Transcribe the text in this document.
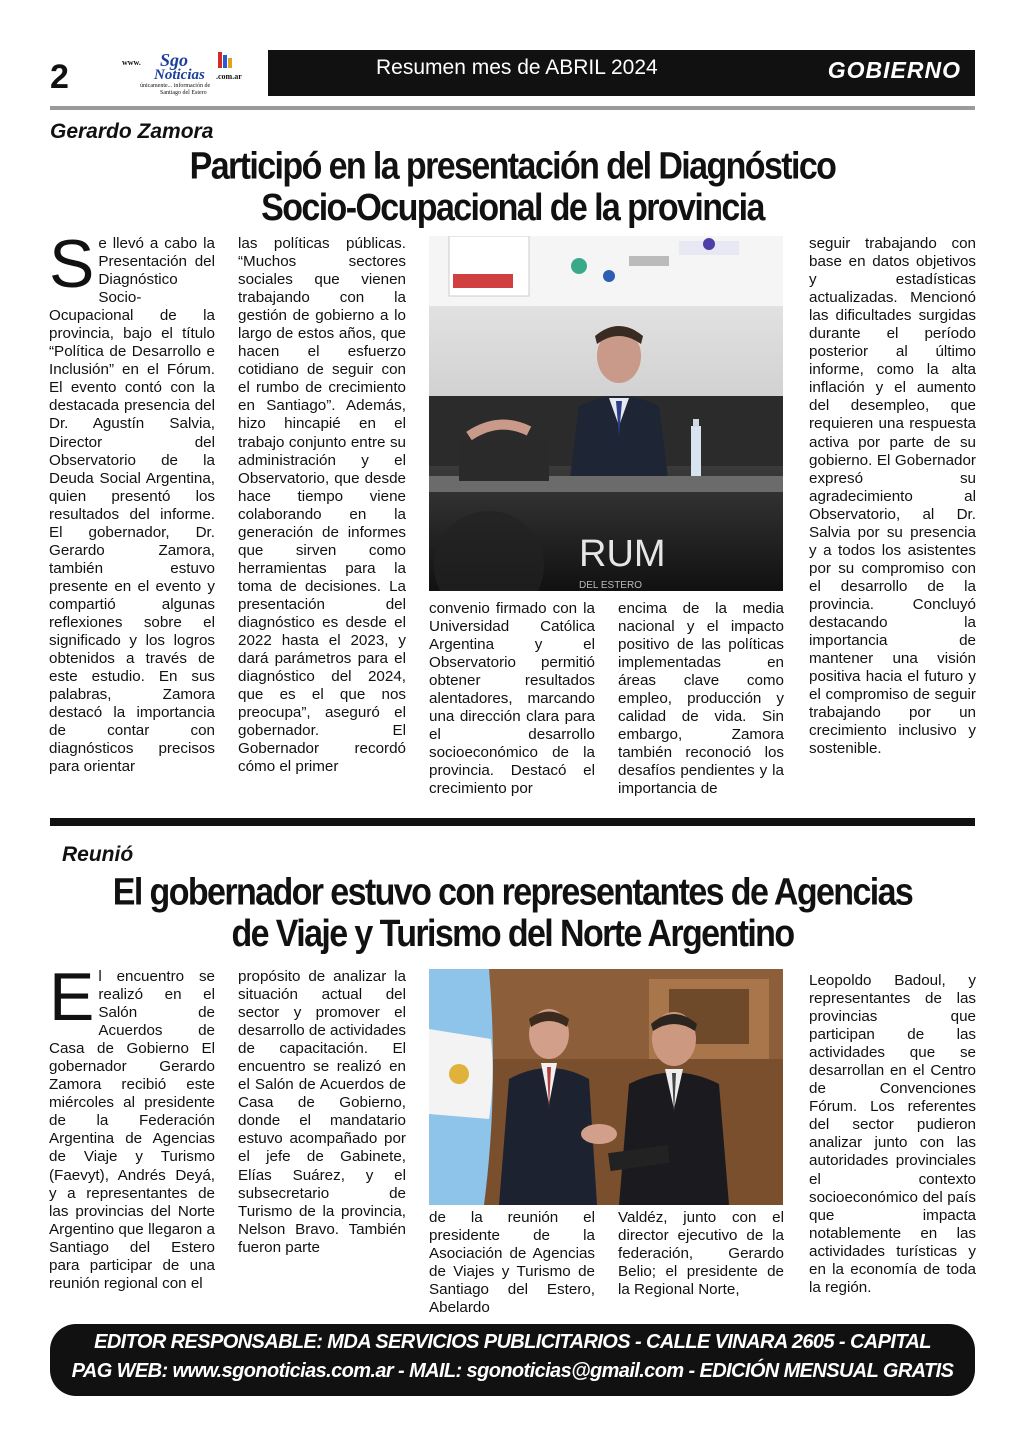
2	www. Sgo
Noticias .com.ar
únicamente... información de
Santiago del Estero
Resumen mes de ABRIL 2024	GOBIERNO
Gerardo Zamora
Participó en la presentación del Diagnóstico
Socio-Ocupacional de la provincia
Se llevó a cabo la Presentación del Diagnóstico Socio-Ocupacional de la provincia, bajo el título “Política de Desarrollo e Inclusión” en el Fórum. El evento contó con la destacada presencia del Dr. Agustín Salvia, Director del Observatorio de la Deuda Social Argentina, quien presentó los resultados del informe. El gobernador, Dr. Gerardo Zamora, también estuvo presente en el evento y compartió algunas reflexiones sobre el significado y los logros obtenidos a través de este estudio. En sus palabras, Zamora destacó la importancia de contar con diagnósticos precisos para orientar
las políticas públicas. “Muchos sectores sociales que vienen trabajando con la gestión de gobierno a lo largo de estos años, que hacen el esfuerzo cotidiano de seguir con el rumbo de crecimiento en Santiago”. Además, hizo hincapié en el trabajo conjunto entre su administración y el Observatorio, que desde hace tiempo viene colaborando en la generación de informes que sirven como herramientas para la toma de decisiones. La presentación del diagnóstico es desde el 2022 hasta el 2023, y dará parámetros para el diagnóstico del 2024, que es el que nos preocupa”, aseguró el gobernador. El Gobernador recordó cómo el primer
RUM
DEL ESTERO
convenio firmado con la Universidad Católica Argentina y el Observatorio permitió obtener resultados alentadores, marcando una dirección clara para el desarrollo socioeconómico de la provincia. Destacó el crecimiento por
encima de la media nacional y el impacto positivo de las políticas implementadas en áreas clave como empleo, producción y calidad de vida. Sin embargo, Zamora también reconoció los desafíos pendientes y la importancia de
seguir trabajando con base en datos objetivos y estadísticas actualizadas. Mencionó las dificultades surgidas durante el período posterior al último informe, como la alta inflación y el aumento del desempleo, que requieren una respuesta activa por parte de su gobierno. El Gobernador expresó su agradecimiento al Observatorio, al Dr. Salvia por su presencia y a todos los asistentes por su compromiso con el desarrollo de la provincia. Concluyó destacando la importancia de mantener una visión positiva hacia el futuro y el compromiso de seguir trabajando por un crecimiento inclusivo y sostenible.
Reunió
El gobernador estuvo con representantes de Agencias
de Viaje y Turismo del Norte Argentino
El encuentro se realizó en el Salón de Acuerdos de Casa de Gobierno El gobernador Gerardo Zamora recibió este miércoles al presidente de la Federación Argentina de Agencias de Viaje y Turismo (Faevyt), Andrés Deyá, y a representantes de las provincias del Norte Argentino que llegaron a Santiago del Estero para participar de una reunión regional con el
propósito de analizar la situación actual del sector y promover el desarrollo de actividades de capacitación. El encuentro se realizó en el Salón de Acuerdos de Casa de Gobierno, donde el mandatario estuvo acompañado por el jefe de Gabinete, Elías Suárez, y el subsecretario de Turismo de la provincia, Nelson Bravo. También fueron parte
de la reunión el presidente de la Asociación de Agencias de Viajes y Turismo de Santiago del Estero, Abelardo
Valdéz, junto con el director ejecutivo de la federación, Gerardo Belio; el presidente de la Regional Norte,
Leopoldo Badoul, y representantes de las provincias que participan de las actividades que se desarrollan en el Centro de Convenciones Fórum. Los referentes del sector pudieron analizar junto con las autoridades provinciales el contexto socioeconómico del país que impacta notablemente en las actividades turísticas y en la economía de toda la región.
EDITOR RESPONSABLE: MDA SERVICIOS PUBLICITARIOS - CALLE VINARA 2605 - CAPITAL
PAG WEB: www.sgonoticias.com.ar - MAIL: sgonoticias@gmail.com - EDICIÓN MENSUAL GRATIS
